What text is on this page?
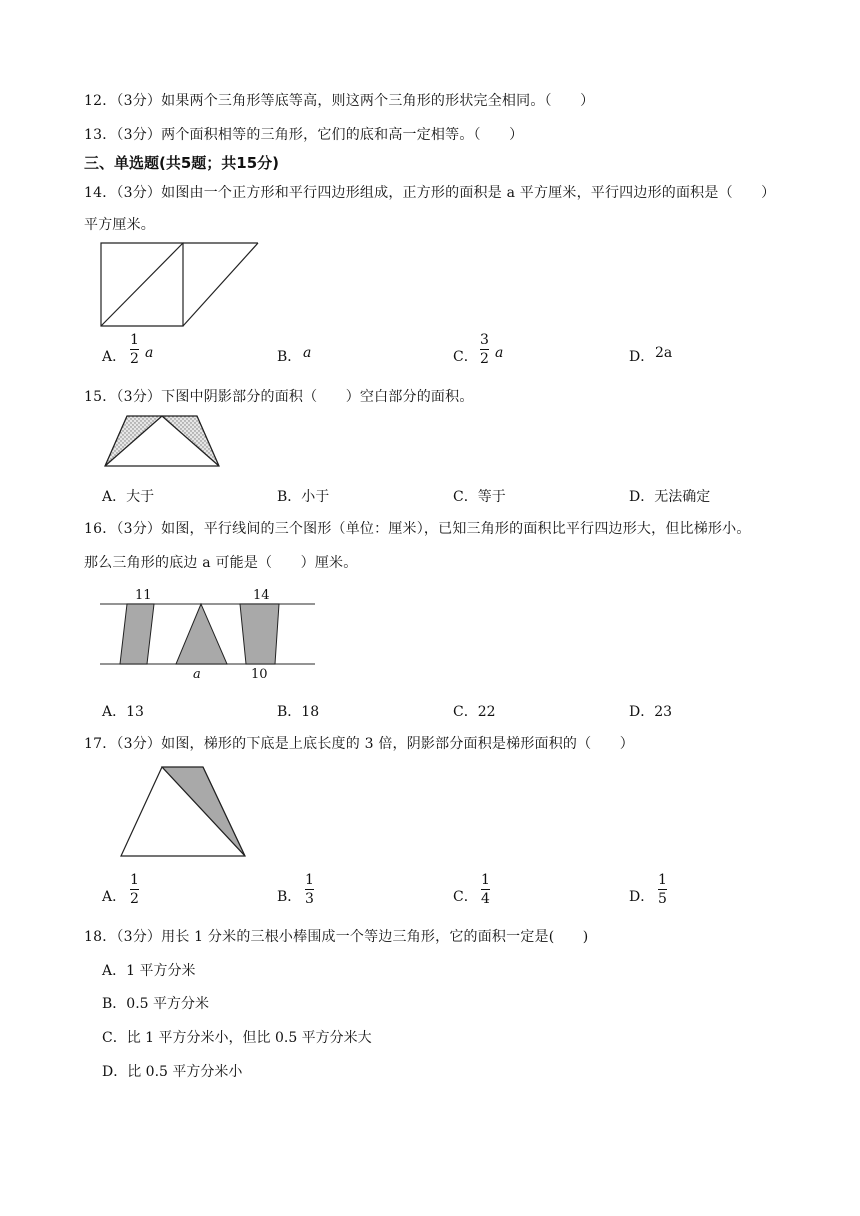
12．（3分）如果两个三角形等底等高，则这两个三角形的形状完全相同。（　　）
13．（3分）两个面积相等的三角形，它们的底和高一定相等。（　　）
三、单选题(共5题；共15分)
14．（3分）如图由一个正方形和平行四边形组成，正方形的面积是 a 平方厘米，平行四边形的面积是（　　）
平方厘米。
A．
1
2 a	B． a	C．
3
2 a	D． 2a
15．（3分）下图中阴影部分的面积（　　）空白部分的面积。
A．大于	B．小于	C．等于	D．无法确定
16．（3分）如图，平行线间的三个图形（单位：厘米），已知三角形的面积比平行四边形大，但比梯形小。
那么三角形的底边 a 可能是（　　）厘米。
11	14
a	10
A．13	B．18	C．22	D．23
17．（3分）如图，梯形的下底是上底长度的 3 倍，阴影部分面积是梯形面积的（　　）
A．
1
2	B．
1
3	C．
1
4	D．
1
5
18．（3分）用长 1 分米的三根小棒围成一个等边三角形，它的面积一定是(　　)
A．1 平方分米
B．0.5 平方分米
C．比 1 平方分米小，但比 0.5 平方分米大
D．比 0.5 平方分米小
